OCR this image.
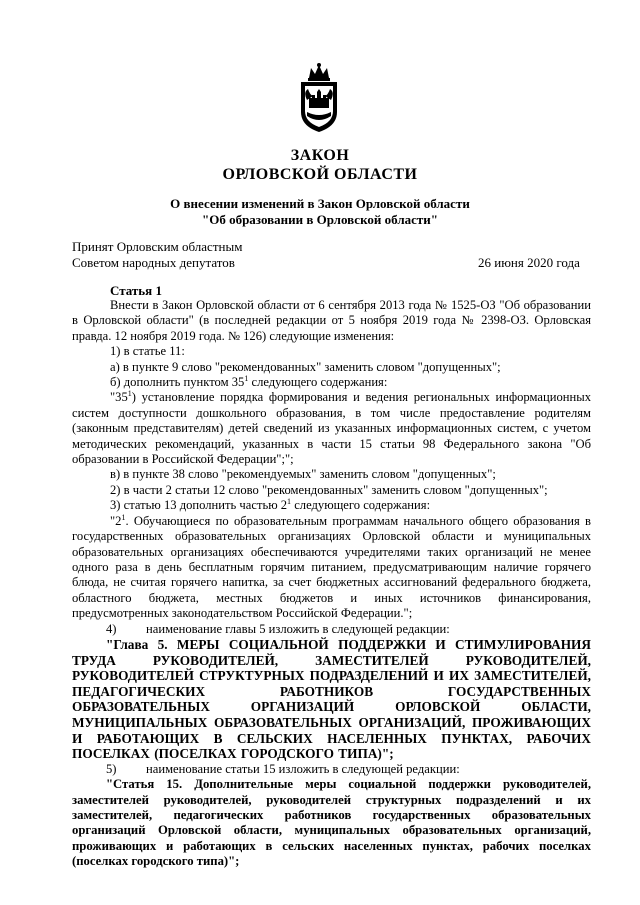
ЗАКОН

ОРЛОВСКОЙ ОБЛАСТИ

О внесении изменений в Закон Орловской области

"Об образовании в Орловской области"

Принят Орловским областным

Советом народных депутатов	26 июня 2020 года

Статья 1

Внести в Закон Орловской области от 6 сентября 2013 года № 1525-ОЗ "Об образовании в Орловской области" (в последней редакции от 5 ноября 2019 года № 2398-ОЗ. Орловская правда. 12 ноября 2019 года. № 126) следующие изменения:

1) в статье 11:

а) в пункте 9 слово "рекомендованных" заменить словом "допущенных";

б) дополнить пунктом $35^1$ следующего содержания:

"$35^1$) установление порядка формирования и ведения региональных информационных систем доступности дошкольного образования, в том числе предоставление родителям (законным представителям) детей сведений из указанных информационных систем, с учетом методических рекомендаций, указанных в части 15 статьи 98 Федерального закона "Об образовании в Российской Федерации";";

в) в пункте 38 слово "рекомендуемых" заменить словом "допущенных";

2) в части 2 статьи 12 слово "рекомендованных" заменить словом "допущенных";

3) статью 13 дополнить частью $2^1$ следующего содержания:

"$2^1$. Обучающиеся по образовательным программам начального общего образования в государственных образовательных организациях Орловской области и муниципальных образовательных организациях обеспечиваются учредителями таких организаций не менее одного раза в день бесплатным горячим питанием, предусматривающим наличие горячего блюда, не считая горячего напитка, за счет бюджетных ассигнований федерального бюджета, областного бюджета, местных бюджетов и иных источников финансирования, предусмотренных законодательством Российской Федерации.";

4) наименование главы 5 изложить в следующей редакции:

"Глава 5. МЕРЫ СОЦИАЛЬНОЙ ПОДДЕРЖКИ И СТИМУЛИРОВАНИЯ ТРУДА РУКОВОДИТЕЛЕЙ, ЗАМЕСТИТЕЛЕЙ РУКОВОДИТЕЛЕЙ, РУКОВОДИТЕЛЕЙ СТРУКТУРНЫХ ПОДРАЗДЕЛЕНИЙ И ИХ ЗАМЕСТИТЕЛЕЙ, ПЕДАГОГИЧЕСКИХ РАБОТНИКОВ ГОСУДАРСТВЕННЫХ ОБРАЗОВАТЕЛЬНЫХ ОРГАНИЗАЦИЙ ОРЛОВСКОЙ ОБЛАСТИ, МУНИЦИПАЛЬНЫХ ОБРАЗОВАТЕЛЬНЫХ ОРГАНИЗАЦИЙ, ПРОЖИВАЮЩИХ И РАБОТАЮЩИХ В СЕЛЬСКИХ НАСЕЛЕННЫХ ПУНКТАХ, РАБОЧИХ ПОСЕЛКАХ (ПОСЕЛКАХ ГОРОДСКОГО ТИПА)";

5) наименование статьи 15 изложить в следующей редакции:

"Статья 15. Дополнительные меры социальной поддержки руководителей, заместителей руководителей, руководителей структурных подразделений и их заместителей, педагогических работников государственных образовательных организаций Орловской области, муниципальных образовательных организаций, проживающих и работающих в сельских населенных пунктах, рабочих поселках (поселках городского типа)";
